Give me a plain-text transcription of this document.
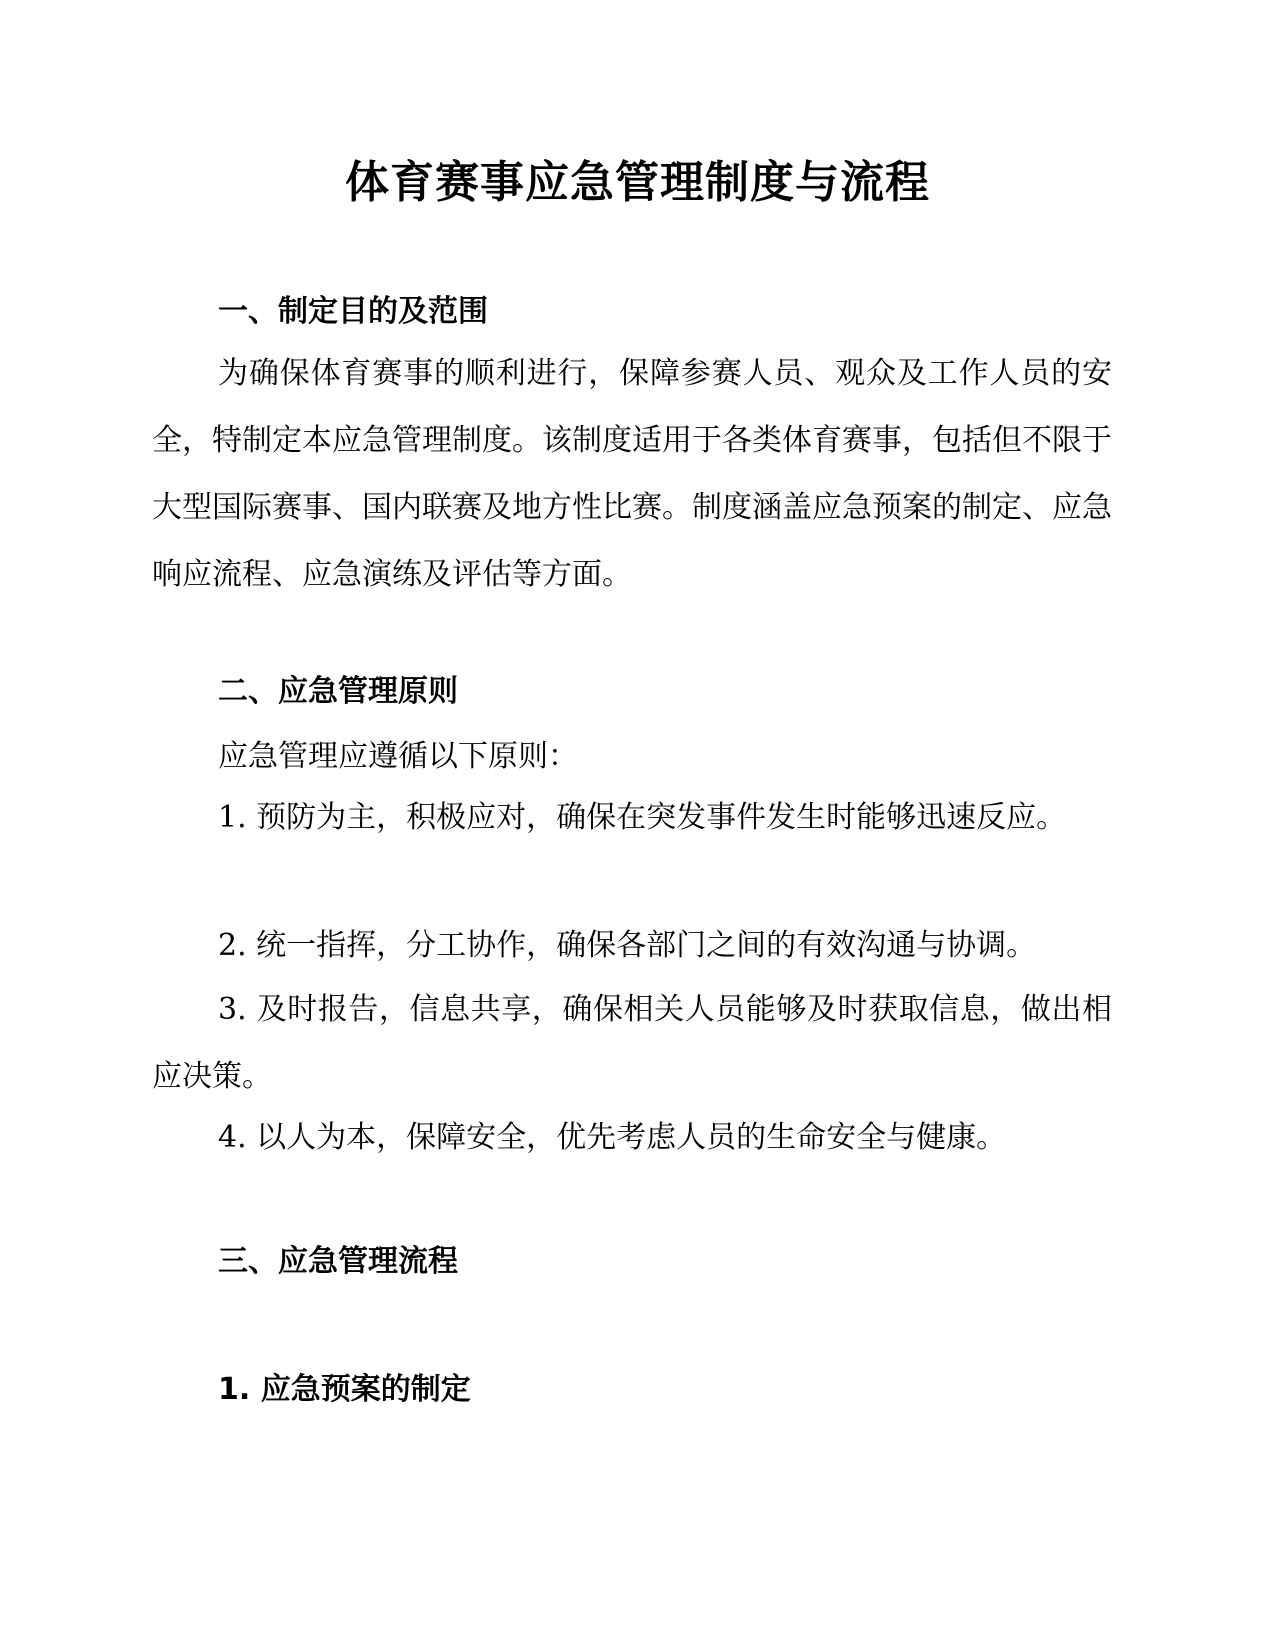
体育赛事应急管理制度与流程
一、制定目的及范围

为确保体育赛事的顺利进行，保障参赛人员、观众及工作人员的安全，特制定本应急管理制度。该制度适用于各类体育赛事，包括但不限于大型国际赛事、国内联赛及地方性比赛。制度涵盖应急预案的制定、应急响应流程、应急演练及评估等方面。

二、应急管理原则

应急管理应遵循以下原则：

1. 预防为主，积极应对，确保在突发事件发生时能够迅速反应。

2. 统一指挥，分工协作，确保各部门之间的有效沟通与协调。

3. 及时报告，信息共享，确保相关人员能够及时获取信息，做出相应决策。

4. 以人为本，保障安全，优先考虑人员的生命安全与健康。

三、应急管理流程
1. 应急预案的制定
